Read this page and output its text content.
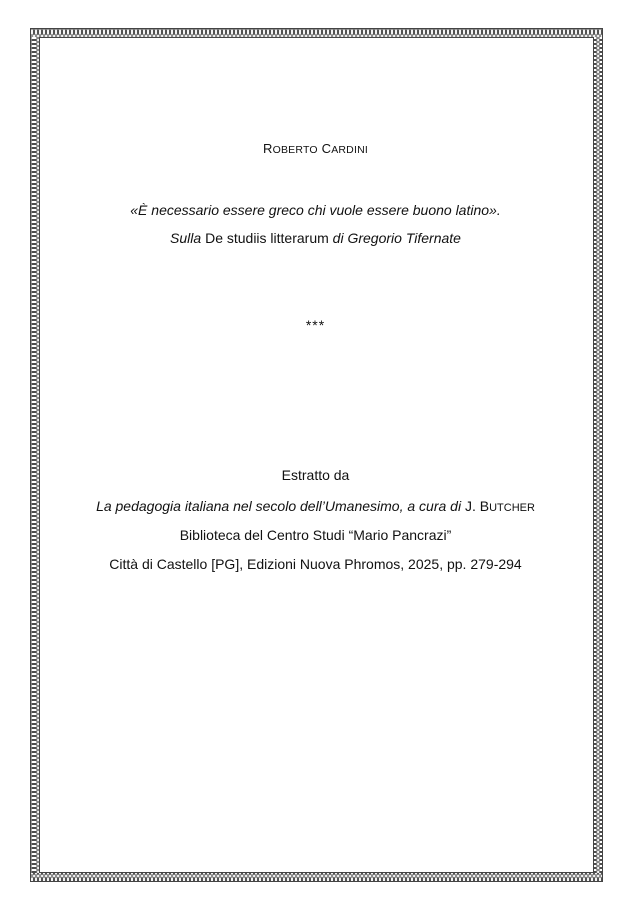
ROBERTO CARDINI
«È necessario essere greco chi vuole essere buono latino».
Sulla De studiis litterarum di Gregorio Tifernate
***
Estratto da
La pedagogia italiana nel secolo dell’Umanesimo, a cura di J. BUTCHER
Biblioteca del Centro Studi “Mario Pancrazi”
Città di Castello [PG], Edizioni Nuova Phromos, 2025, pp. 279-294
